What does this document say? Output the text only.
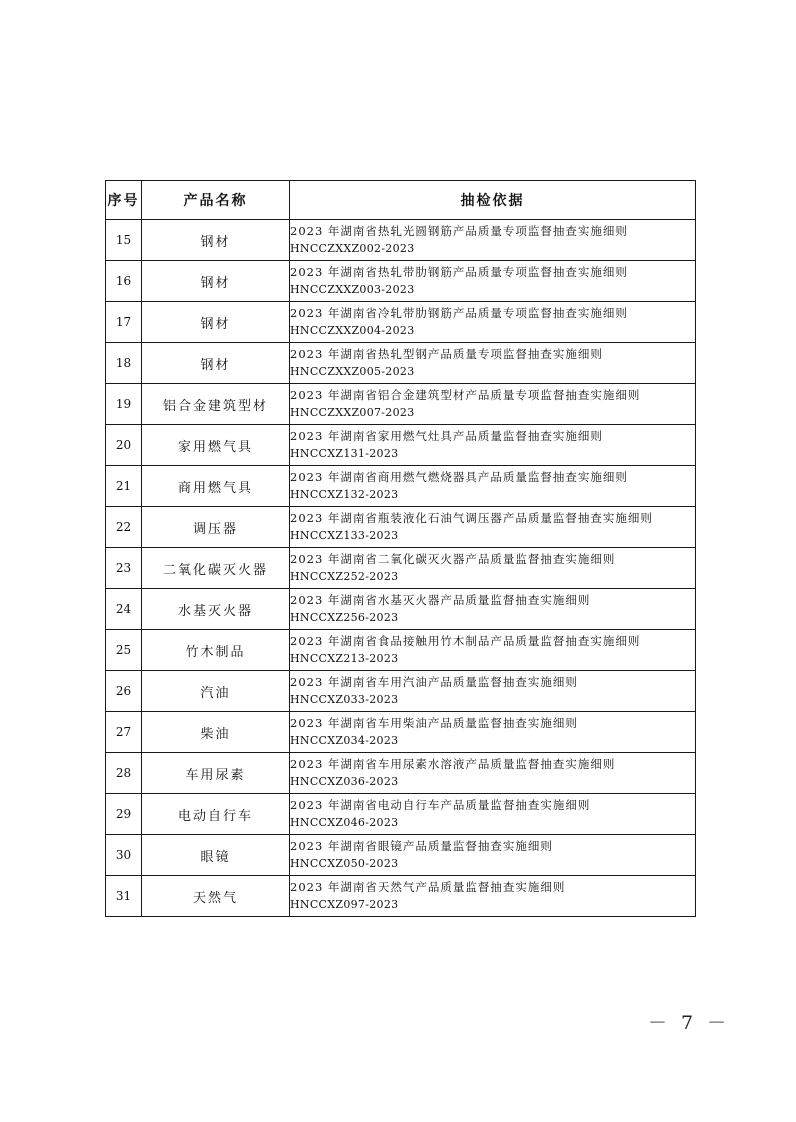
序号	产品名称	抽检依据
15	钢材	2023 年湖南省热轧光圆钢筋产品质量专项监督抽查实施细则
HNCCZXXZ002-2023

16	钢材	2023 年湖南省热轧带肋钢筋产品质量专项监督抽查实施细则
HNCCZXXZ003-2023

17	钢材	2023 年湖南省冷轧带肋钢筋产品质量专项监督抽查实施细则
HNCCZXXZ004-2023

18	钢材	2023 年湖南省热轧型钢产品质量专项监督抽查实施细则
HNCCZXXZ005-2023

19	铝合金建筑型材	2023 年湖南省铝合金建筑型材产品质量专项监督抽查实施细则
HNCCZXXZ007-2023

20	家用燃气具	2023 年湖南省家用燃气灶具产品质量监督抽查实施细则
HNCCXZ131-2023

21	商用燃气具	2023 年湖南省商用燃气燃烧器具产品质量监督抽查实施细则
HNCCXZ132-2023

22	调压器	2023 年湖南省瓶装液化石油气调压器产品质量监督抽查实施细则
HNCCXZ133-2023

23	二氧化碳灭火器	2023 年湖南省二氧化碳灭火器产品质量监督抽查实施细则
HNCCXZ252-2023

24	水基灭火器	2023 年湖南省水基灭火器产品质量监督抽查实施细则
HNCCXZ256-2023

25	竹木制品	2023 年湖南省食品接触用竹木制品产品质量监督抽查实施细则
HNCCXZ213-2023

26	汽油	2023 年湖南省车用汽油产品质量监督抽查实施细则
HNCCXZ033-2023

27	柴油	2023 年湖南省车用柴油产品质量监督抽查实施细则
HNCCXZ034-2023

28	车用尿素	2023 年湖南省车用尿素水溶液产品质量监督抽查实施细则
HNCCXZ036-2023

29	电动自行车	2023 年湖南省电动自行车产品质量监督抽查实施细则
HNCCXZ046-2023

30	眼镜	2023 年湖南省眼镜产品质量监督抽查实施细则
HNCCXZ050-2023

31	天然气	2023 年湖南省天然气产品质量监督抽查实施细则
HNCCXZ097-2023
－ 7 －
